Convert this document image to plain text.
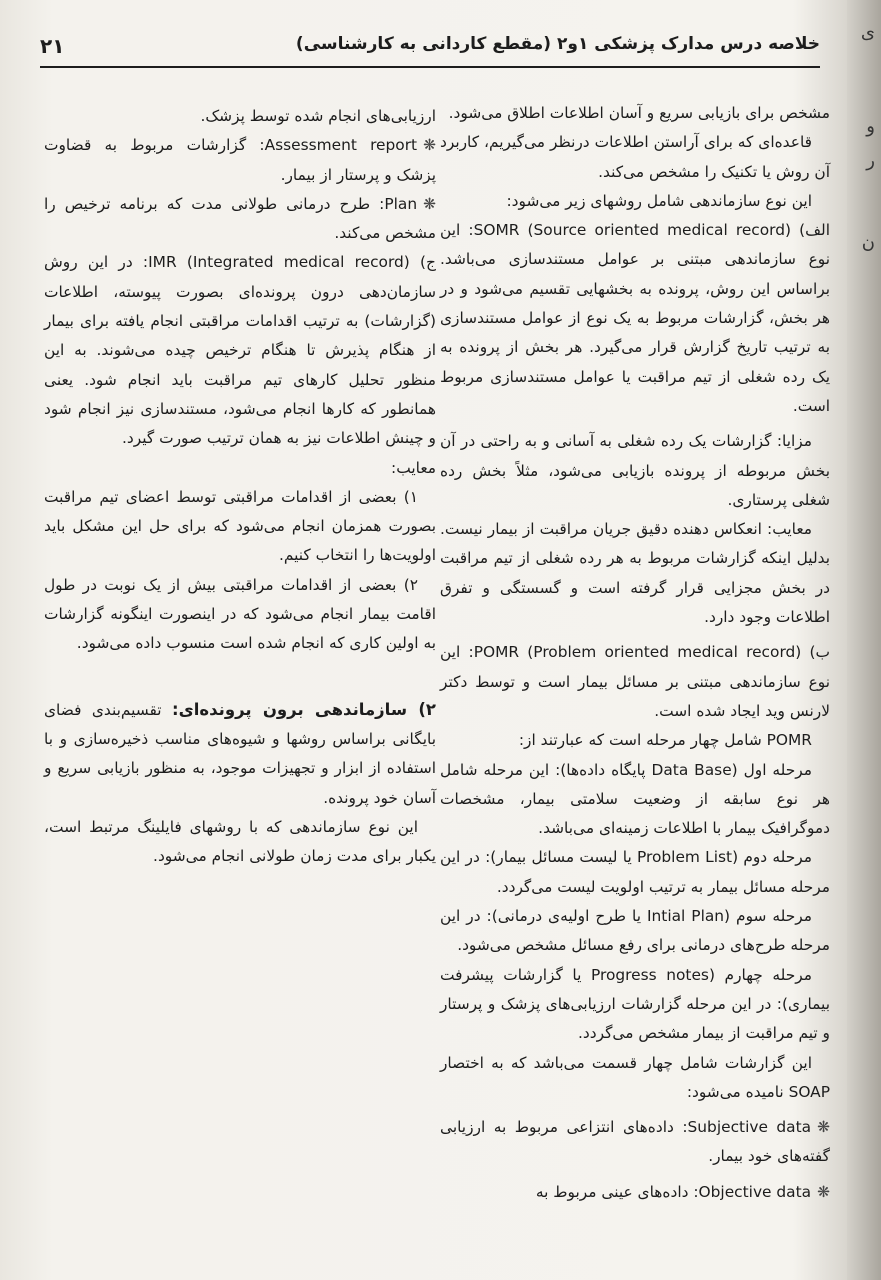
ی
و
ر
ن
خلاصه درس مدارک پزشکی ۱و۲ (مقطع کاردانی به کارشناسی)
۲۱

مشخص برای بازیابی سریع و آسان اطلاعات اطلاق می‌شود.

قاعده‌ای که برای آراستن اطلاعات درنظر می‌گیریم، کاربرد آن روش یا تکنیک را مشخص می‌کند.

این نوع سازماندهی شامل روشهای زیر می‌شود:

الف) SOMR (Source oriented medical record): این نوع سازماندهی مبتنی بر عوامل مستندسازی می‌باشد. براساس این روش، پرونده به بخشهایی تقسیم می‌شود و در هر بخش، گزارشات مربوط به یک نوع از عوامل مستندسازی به ترتیب تاریخ گزارش قرار می‌گیرد. هر بخش از پرونده به یک رده شغلی از تیم مراقبت یا عوامل مستندسازی مربوط است.

مزایا: گزارشات یک رده شغلی به آسانی و به راحتی در آن بخش مربوطه از پرونده بازیابی می‌شود، مثلاً بخش رده شغلی پرستاری.

معایب: انعکاس دهنده دقیق جریان مراقبت از بیمار نیست. بدلیل اینکه گزارشات مربوط به هر رده شغلی از تیم مراقبت در بخش مجزایی قرار گرفته است و گسستگی و تفرق اطلاعات وجود دارد.

ب) POMR (Problem oriented medical record): این نوع سازماندهی مبتنی بر مسائل بیمار است و توسط دکتر لارنس وید ایجاد شده است.

POMR شامل چهار مرحله است که عبارتند از:

مرحله اول (Data Base پایگاه داده‌ها): این مرحله شامل هر نوع سابقه از وضعیت سلامتی بیمار، مشخصات دموگرافیک بیمار با اطلاعات زمینه‌ای می‌باشد.

مرحله دوم (Problem List یا لیست مسائل بیمار): در این مرحله مسائل بیمار به ترتیب اولویت لیست می‌گردد.

مرحله سوم (Intial Plan یا طرح اولیه‌ی درمانی): در این مرحله طرح‌های درمانی برای رفع مسائل مشخص می‌شود.

مرحله چهارم (Progress notes یا گزارشات پیشرفت بیماری): در این مرحله گزارشات ارزیابی‌های پزشک و پرستار و تیم مراقبت از بیمار مشخص می‌گردد.

این گزارشات شامل چهار قسمت می‌باشد که به اختصار SOAP نامیده می‌شود:

❋Subjective data: داده‌های انتزاعی مربوط به ارزیابی گفته‌های خود بیمار.

❋Objective data: داده‌های عینی مربوط به

ارزیابی‌های انجام شده توسط پزشک.

❋Assessment report: گزارشات مربوط به قضاوت پزشک و پرستار از بیمار.

❋Plan: طرح درمانی طولانی مدت که برنامه ترخیص را مشخص می‌کند.

ج) IMR (Integrated medical record): در این روش سازمان‌دهی درون پرونده‌ای بصورت پیوسته، اطلاعات (گزارشات) به ترتیب اقدامات مراقبتی انجام یافته برای بیمار از هنگام پذیرش تا هنگام ترخیص چیده می‌شوند. به این منظور تحلیل کارهای تیم مراقبت باید انجام شود. یعنی همانطور که کارها انجام می‌شود، مستندسازی نیز انجام شود و چینش اطلاعات نیز به همان ترتیب صورت گیرد.

معایب:

۱) بعضی از اقدامات مراقبتی توسط اعضای تیم مراقبت بصورت همزمان انجام می‌شود که برای حل این مشکل باید اولویت‌ها را انتخاب کنیم.

۲) بعضی از اقدامات مراقبتی بیش از یک نوبت در طول اقامت بیمار انجام می‌شود که در اینصورت اینگونه گزارشات به اولین کاری که انجام شده است منسوب داده می‌شود.

۲) سازماندهی برون پرونده‌ای: تقسیم‌بندی فضای بایگانی براساس روشها و شیوه‌های مناسب ذخیره‌سازی و با استفاده از ابزار و تجهیزات موجود، به منظور بازیابی سریع و آسان خود پرونده.

این نوع سازماندهی که با روشهای فایلینگ مرتبط است، یکبار برای مدت زمان طولانی انجام می‌شود.
